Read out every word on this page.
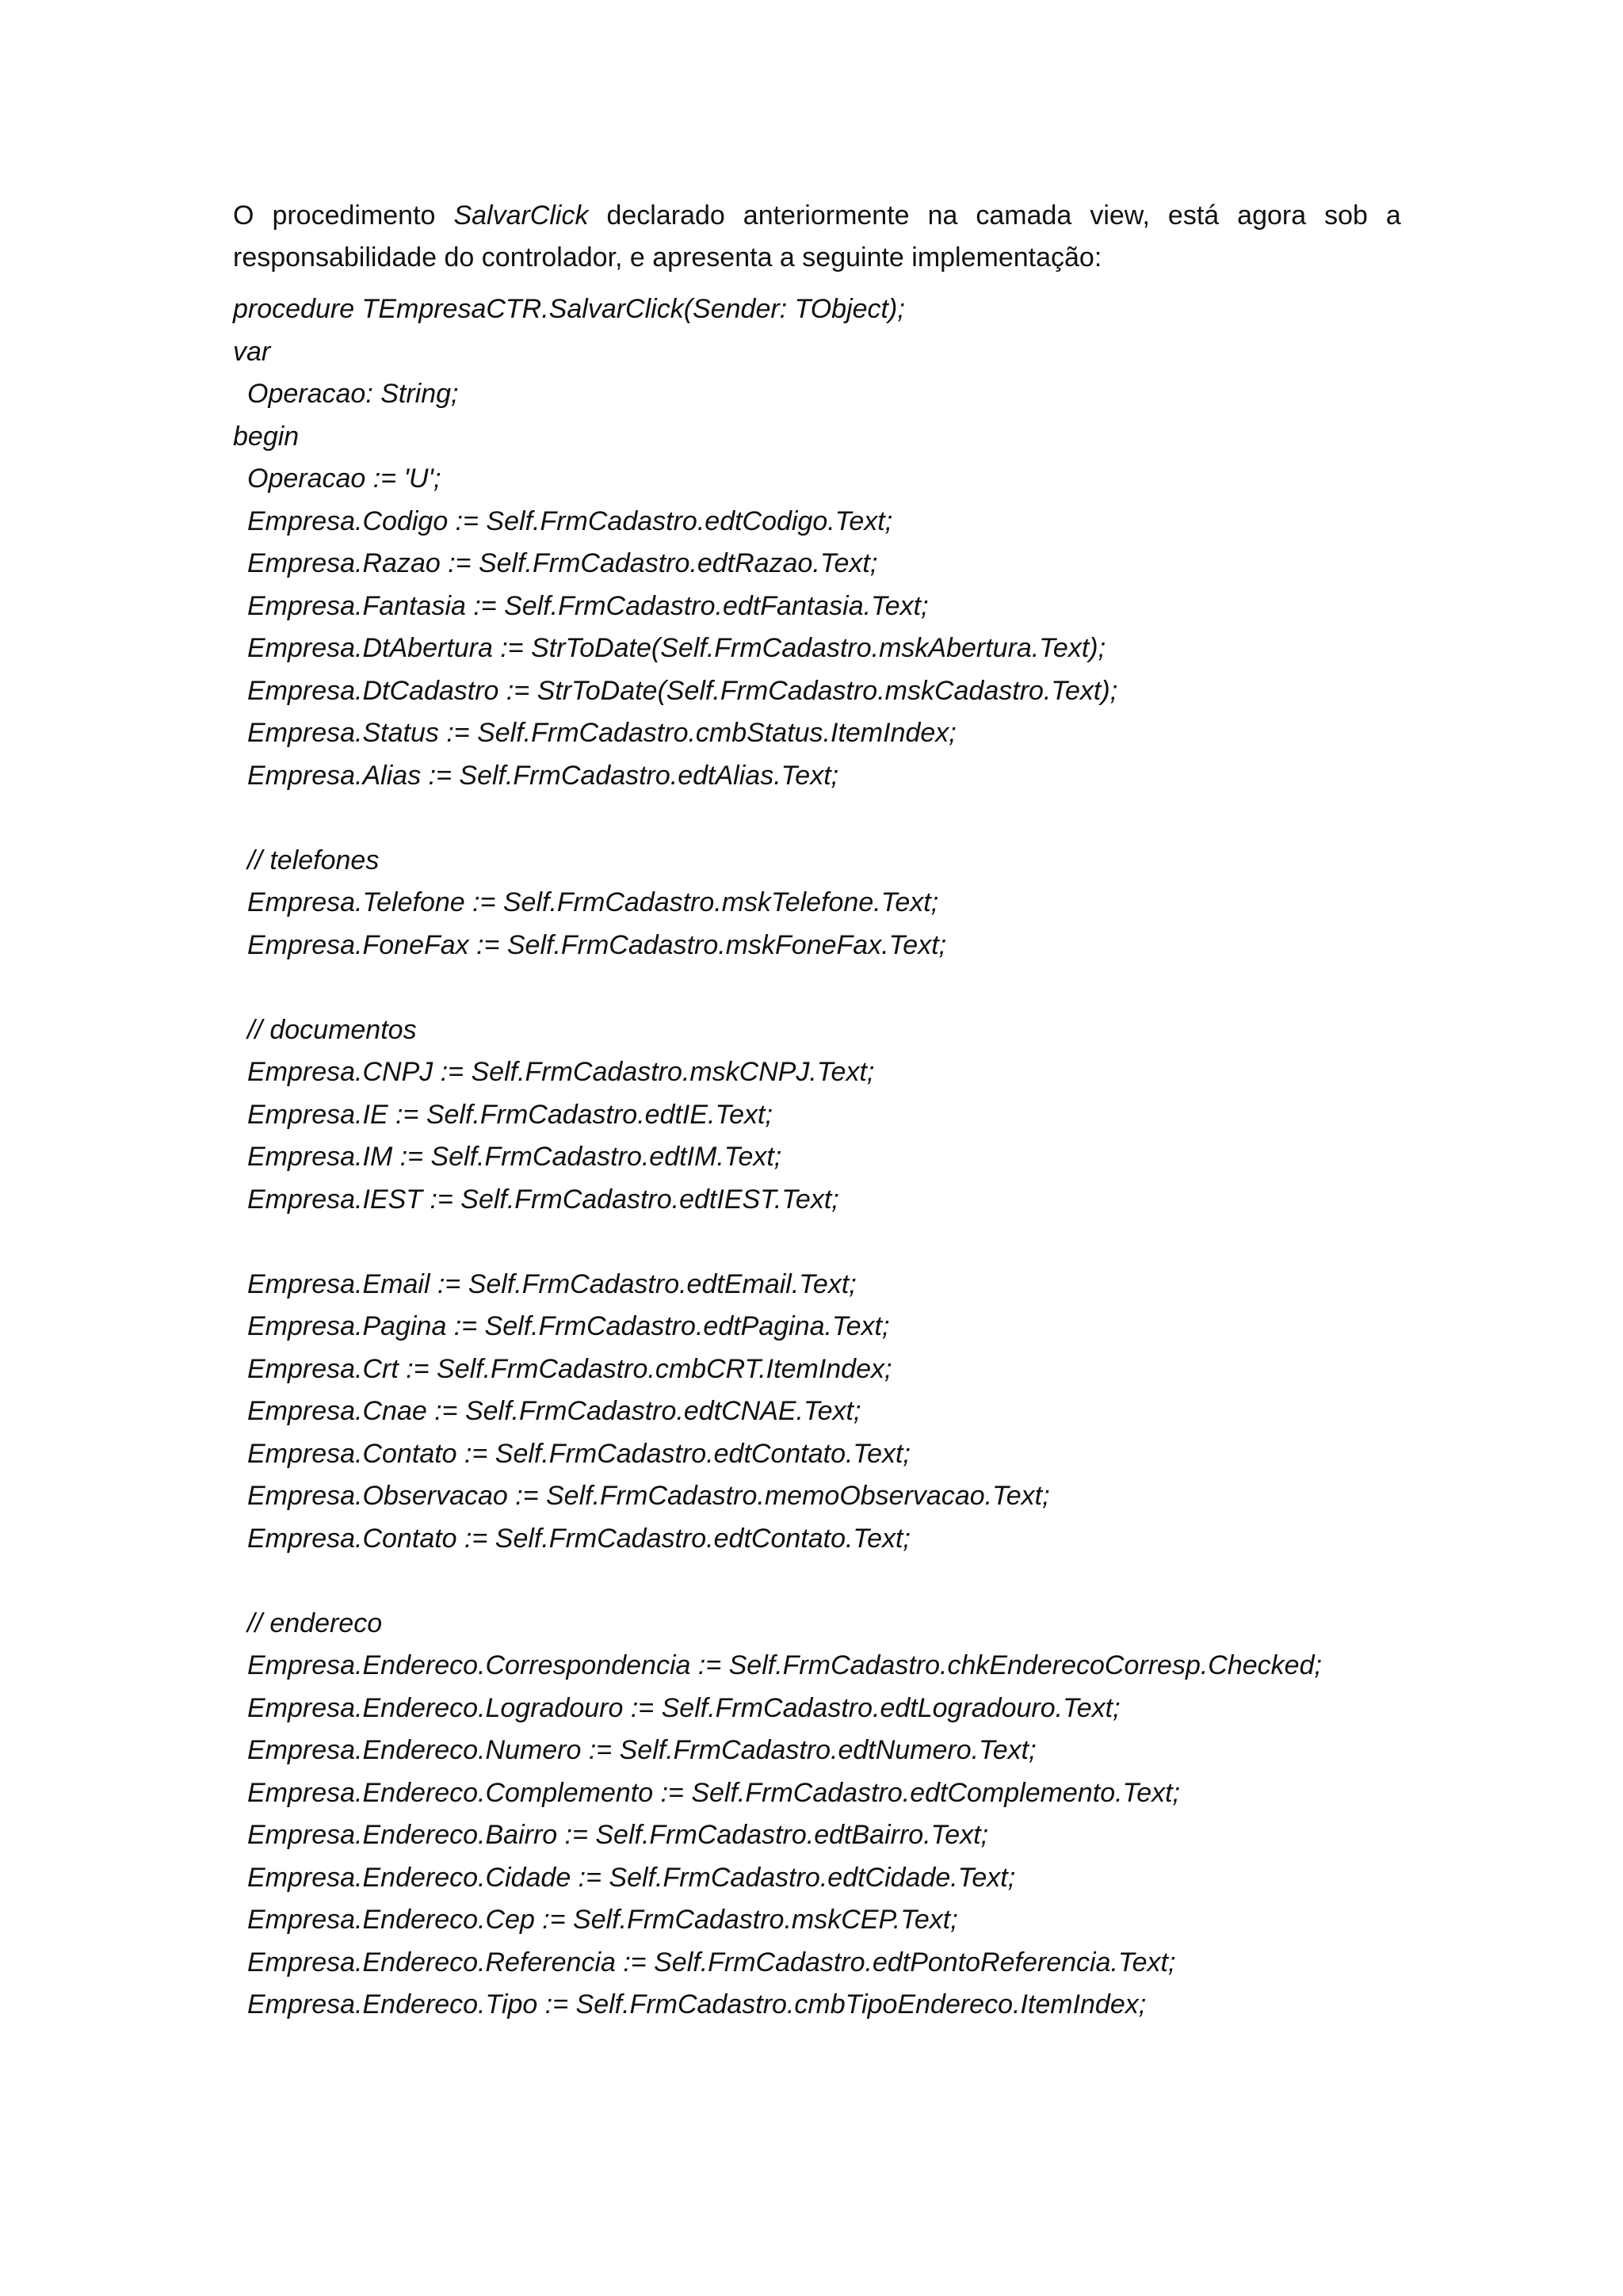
O procedimento SalvarClick declarado anteriormente na camada view, está agora sob a
responsabilidade do controlador, e apresenta a seguinte implementação:
procedure TEmpresaCTR.SalvarClick(Sender: TObject);
var
Operacao: String;
begin
Operacao := 'U';
Empresa.Codigo := Self.FrmCadastro.edtCodigo.Text;
Empresa.Razao := Self.FrmCadastro.edtRazao.Text;
Empresa.Fantasia := Self.FrmCadastro.edtFantasia.Text;
Empresa.DtAbertura := StrToDate(Self.FrmCadastro.mskAbertura.Text);
Empresa.DtCadastro := StrToDate(Self.FrmCadastro.mskCadastro.Text);
Empresa.Status := Self.FrmCadastro.cmbStatus.ItemIndex;
Empresa.Alias := Self.FrmCadastro.edtAlias.Text;
// telefones
Empresa.Telefone := Self.FrmCadastro.mskTelefone.Text;
Empresa.FoneFax := Self.FrmCadastro.mskFoneFax.Text;
// documentos
Empresa.CNPJ := Self.FrmCadastro.mskCNPJ.Text;
Empresa.IE := Self.FrmCadastro.edtIE.Text;
Empresa.IM := Self.FrmCadastro.edtIM.Text;
Empresa.IEST := Self.FrmCadastro.edtIEST.Text;
Empresa.Email := Self.FrmCadastro.edtEmail.Text;
Empresa.Pagina := Self.FrmCadastro.edtPagina.Text;
Empresa.Crt := Self.FrmCadastro.cmbCRT.ItemIndex;
Empresa.Cnae := Self.FrmCadastro.edtCNAE.Text;
Empresa.Contato := Self.FrmCadastro.edtContato.Text;
Empresa.Observacao := Self.FrmCadastro.memoObservacao.Text;
Empresa.Contato := Self.FrmCadastro.edtContato.Text;
// endereco
Empresa.Endereco.Correspondencia := Self.FrmCadastro.chkEnderecoCorresp.Checked;
Empresa.Endereco.Logradouro := Self.FrmCadastro.edtLogradouro.Text;
Empresa.Endereco.Numero := Self.FrmCadastro.edtNumero.Text;
Empresa.Endereco.Complemento := Self.FrmCadastro.edtComplemento.Text;
Empresa.Endereco.Bairro := Self.FrmCadastro.edtBairro.Text;
Empresa.Endereco.Cidade := Self.FrmCadastro.edtCidade.Text;
Empresa.Endereco.Cep := Self.FrmCadastro.mskCEP.Text;
Empresa.Endereco.Referencia := Self.FrmCadastro.edtPontoReferencia.Text;
Empresa.Endereco.Tipo := Self.FrmCadastro.cmbTipoEndereco.ItemIndex;
